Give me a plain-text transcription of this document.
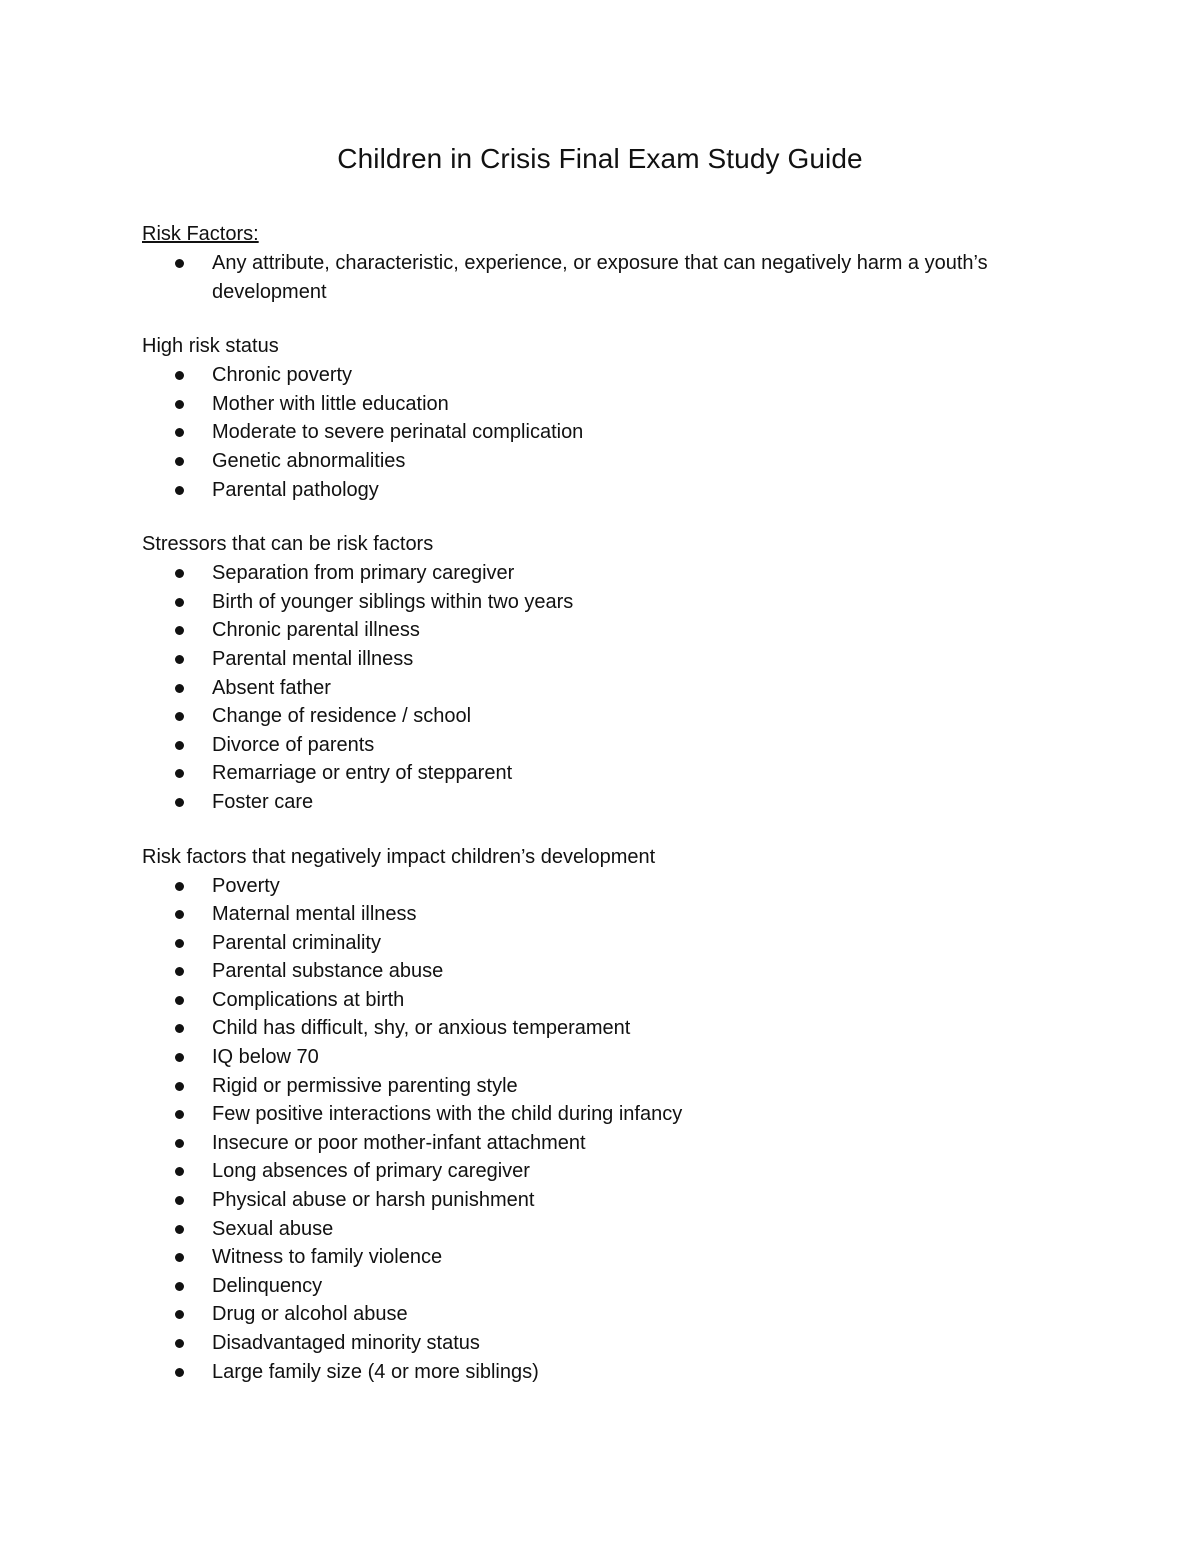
Children in Crisis Final Exam Study Guide
Risk Factors:
Any attribute, characteristic, experience, or exposure that can negatively harm a youth’s development
High risk status
Chronic poverty
Mother with little education
Moderate to severe perinatal complication
Genetic abnormalities
Parental pathology
Stressors that can be risk factors
Separation from primary caregiver
Birth of younger siblings within two years
Chronic parental illness
Parental mental illness
Absent father
Change of residence / school
Divorce of parents
Remarriage or entry of stepparent
Foster care
Risk factors that negatively impact children’s development
Poverty
Maternal mental illness
Parental criminality
Parental substance abuse
Complications at birth
Child has difficult, shy, or anxious temperament
IQ below 70
Rigid or permissive parenting style
Few positive interactions with the child during infancy
Insecure or poor mother-infant attachment
Long absences of primary caregiver
Physical abuse or harsh punishment
Sexual abuse
Witness to family violence
Delinquency
Drug or alcohol abuse
Disadvantaged minority status
Large family size (4 or more siblings)
